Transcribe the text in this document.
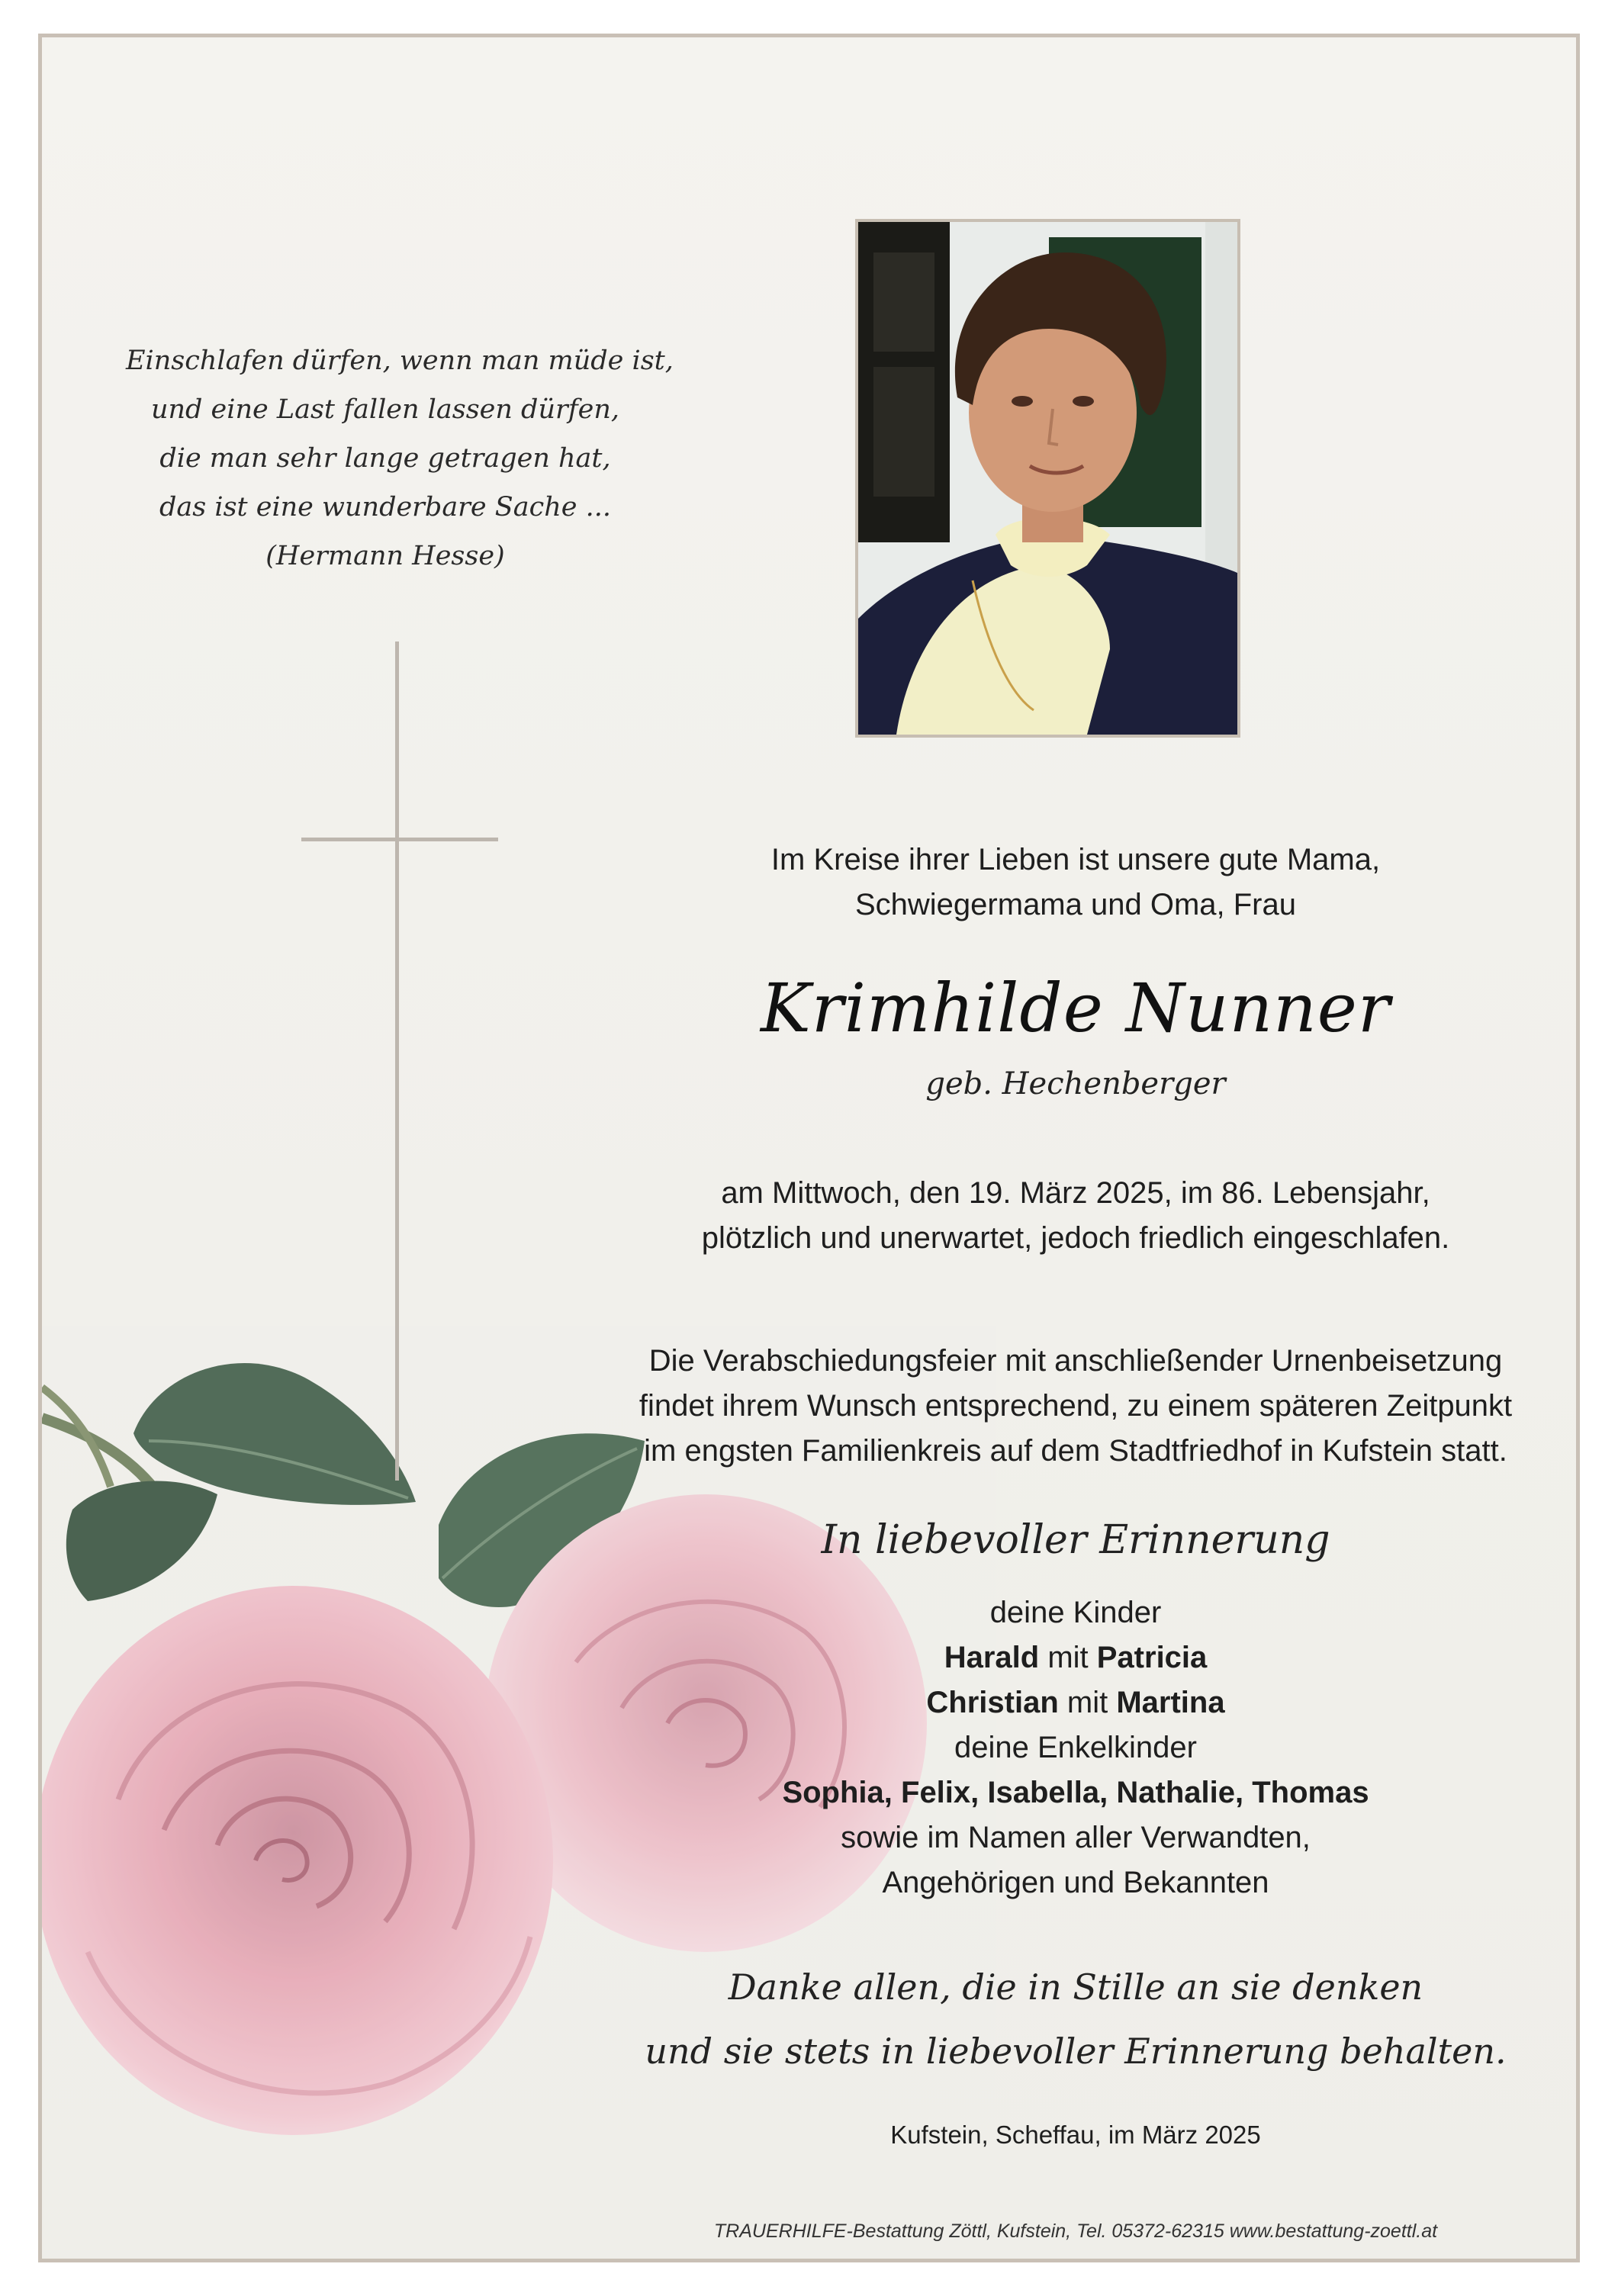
Einschlafen dürfen, wenn man müde ist,
und eine Last fallen lassen dürfen,
die man sehr lange getragen hat,
das ist eine wunderbare Sache ...
(Hermann Hesse)
Im Kreise ihrer Lieben ist unsere gute Mama,
Schwiegermama und Oma, Frau
Krimhilde Nunner
geb. Hechenberger
am Mittwoch, den 19. März 2025, im 86. Lebensjahr,
plötzlich und unerwartet, jedoch friedlich eingeschlafen.
Die Verabschiedungsfeier mit anschließender Urnenbeisetzung
findet ihrem Wunsch entsprechend, zu einem späteren Zeitpunkt
im engsten Familienkreis auf dem Stadtfriedhof in Kufstein statt.
In liebevoller Erinnerung
deine Kinder
Harald mit Patricia
Christian mit Martina
deine Enkelkinder
Sophia, Felix, Isabella, Nathalie, Thomas
sowie im Namen aller Verwandten,
Angehörigen und Bekannten
Danke allen, die in Stille an sie denken
und sie stets in liebevoller Erinnerung behalten.
Kufstein, Scheffau, im März 2025
TRAUERHILFE-Bestattung Zöttl, Kufstein, Tel. 05372-62315 www.bestattung-zoettl.at
